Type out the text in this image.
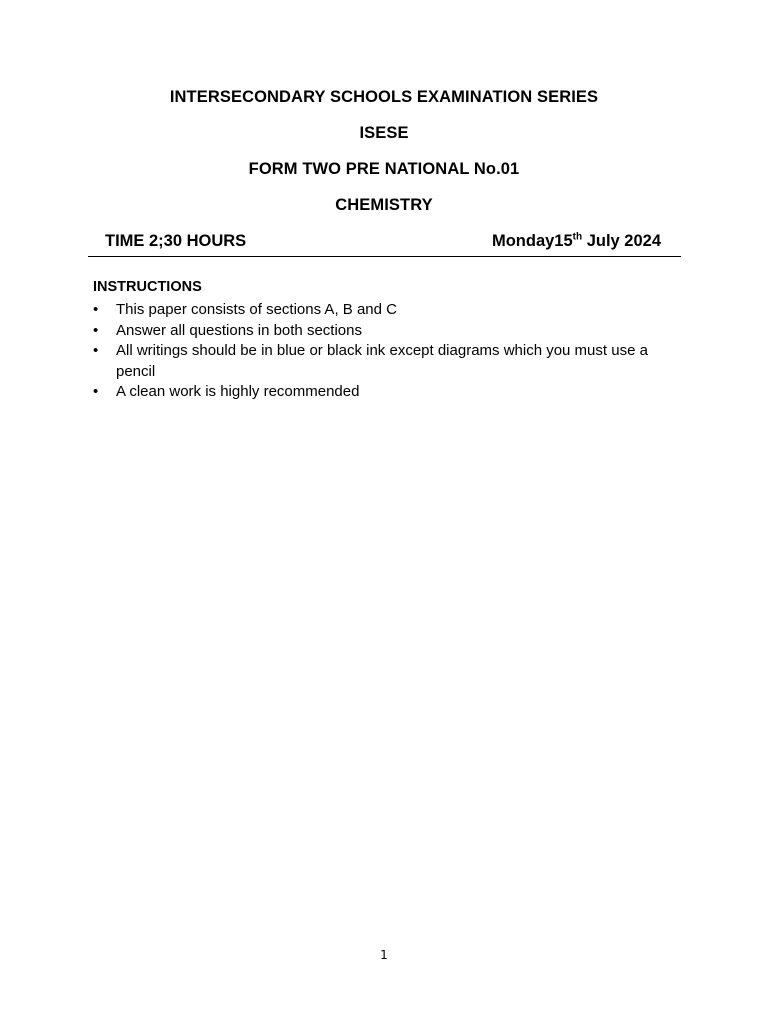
INTERSECONDARY SCHOOLS EXAMINATION SERIES
ISESE
FORM TWO PRE NATIONAL No.01
CHEMISTRY
TIME 2;30 HOURS	Monday15th July 2024
INSTRUCTIONS
• This paper consists of sections A, B and C
• Answer all questions in both sections
• All writings should be in blue or black ink except diagrams which you must use a pencil
• A clean work is highly recommended
1
